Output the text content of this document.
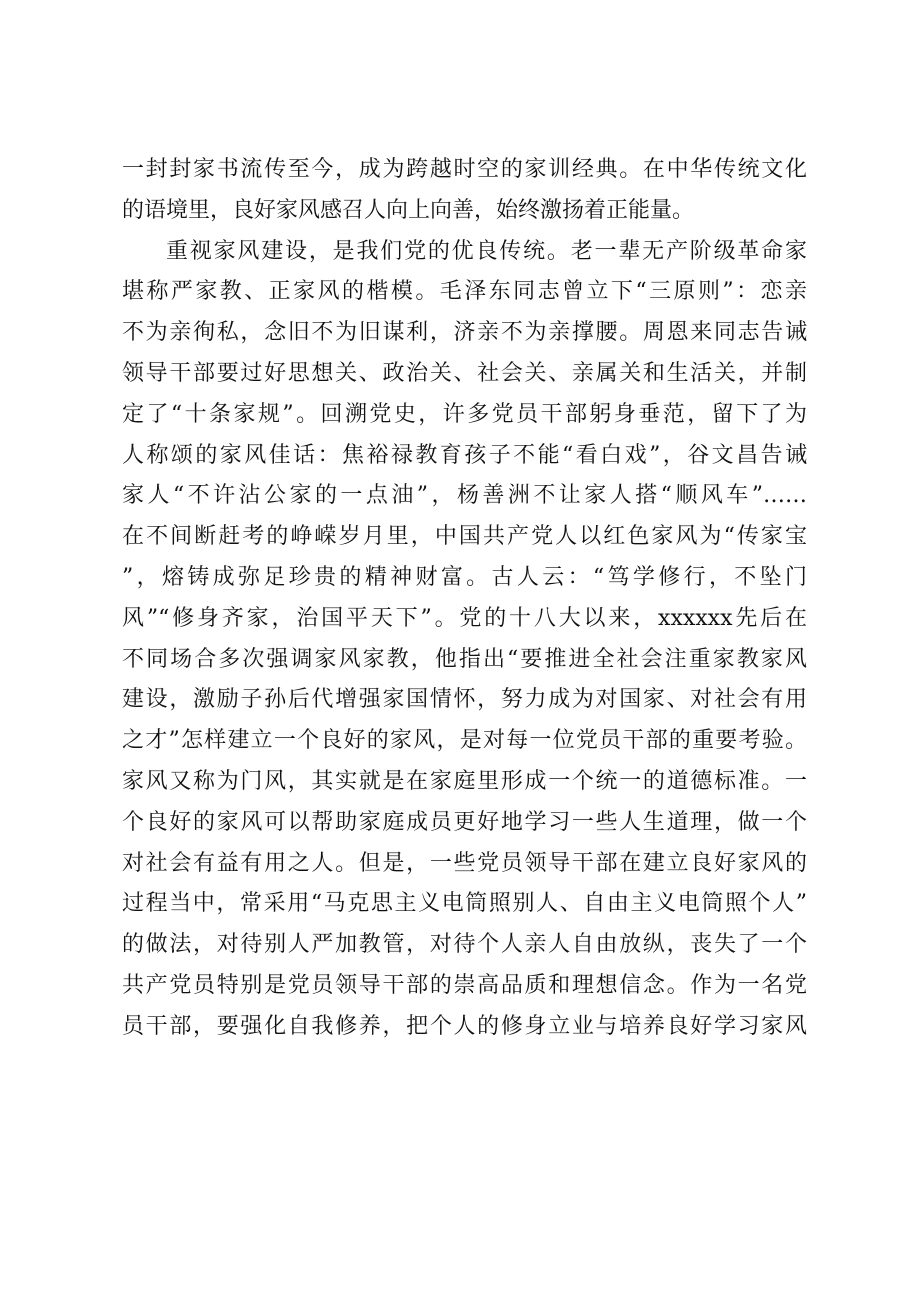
一封封家书流传至今，成为跨越时空的家训经典。在中华传统文化
的语境里，良好家风感召人向上向善，始终激扬着正能量。
重视家风建设，是我们党的优良传统。老一辈无产阶级革命家
堪称严家教、正家风的楷模。毛泽东同志曾立下“三原则”：恋亲
不为亲徇私，念旧不为旧谋利，济亲不为亲撑腰。周恩来同志告诫
领导干部要过好思想关、政治关、社会关、亲属关和生活关，并制
定了“十条家规”。回溯党史，许多党员干部躬身垂范，留下了为
人称颂的家风佳话：焦裕禄教育孩子不能“看白戏”，谷文昌告诫
家人“不许沾公家的一点油”，杨善洲不让家人搭“顺风车”……
在不间断赶考的峥嵘岁月里，中国共产党人以红色家风为“传家宝
”，熔铸成弥足珍贵的精神财富。古人云：“笃学修行，不坠门
风”“修身齐家，治国平天下”。党的十八大以来，xxxxxx先后在
不同场合多次强调家风家教，他指出“要推进全社会注重家教家风
建设，激励子孙后代增强家国情怀，努力成为对国家、对社会有用
之才”怎样建立一个良好的家风，是对每一位党员干部的重要考验。
家风又称为门风，其实就是在家庭里形成一个统一的道德标准。一
个良好的家风可以帮助家庭成员更好地学习一些人生道理，做一个
对社会有益有用之人。但是，一些党员领导干部在建立良好家风的
过程当中，常采用“马克思主义电筒照别人、自由主义电筒照个人”
的做法，对待别人严加教管，对待个人亲人自由放纵，丧失了一个
共产党员特别是党员领导干部的崇高品质和理想信念。作为一名党
员干部，要强化自我修养，把个人的修身立业与培养良好学习家风
